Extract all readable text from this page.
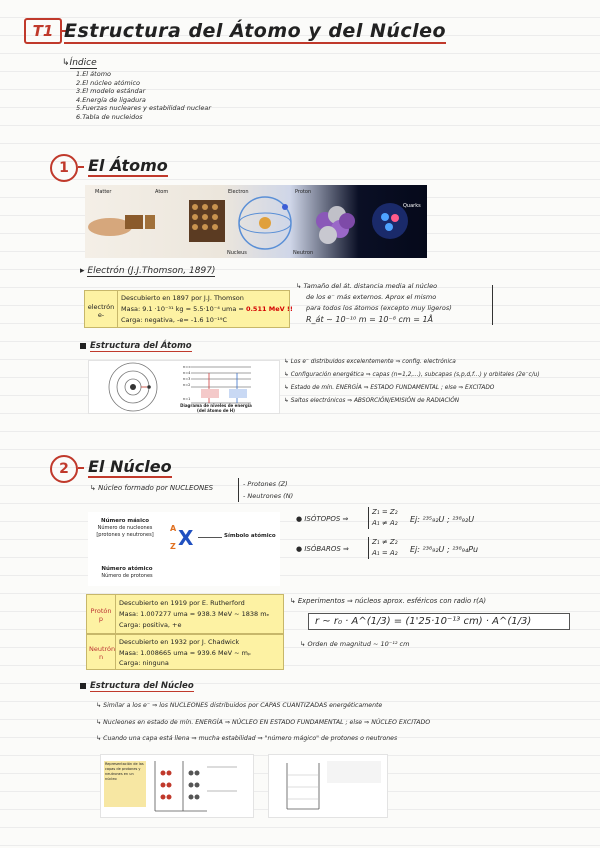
T1 Estructura del Átomo y del Núcleo
↳Índice
1.El átomo
2.El núcleo atómico
3.El modelo estándar
4.Energía de ligadura
5.Fuerzas nucleares y estabilidad nuclear
6.Tabla de nucleidos
1	El Átomo
Matter	Atom	Electron	Proton
Quarks
Nucleus	Neutron
▸ Electrón (J.J.Thomson, 1897)
electrón e-
Descubierto en 1897 por J.J. Thomson
Masa: 9.1 ·10⁻³¹ kg = 5.5·10⁻⁴ uma = 0.511 MeV !!
Carga: negativa, -e= -1.6 10⁻¹⁹C
↳ Tamaño del át. distancia media al núcleo
de los e⁻ más externos. Aprox el mismo
para todos los átomos (excepto muy ligeros)
R_át ~ 10⁻¹⁰ m = 10⁻⁸ cm = 1Å
Estructura del Átomo
n=∞
n=4
n=3
n=2
n=1
Diagrama de niveles de energía (del átomo de H)
↳ Los e⁻ distribuidos excelentemente ⇒ config. electrónica
↳ Configuración energética ⇒ capas (n=1,2,...), subcapas (s,p,d,f...) y orbitales (2e⁻c/u)
↳ Estado de mín. ENERGÍA ⇒ ESTADO FUNDAMENTAL ; else ⇒ EXCITADO
↳ Saltos electrónicos ⇒ ABSORCIÓN/EMISIÓN de RADIACIÓN
2	El Núcleo
↳ Núcleo formado por NUCLEONES	- Protones (Z)
- Neutrones (N)
Número másico
Número de nucleones
[protones y neutrones]
A
Z X	Símbolo atómico
Número atómico
Número de protones
● ISÓTOPOS ⇒
Z₁ = Z₂
A₁ ≠ A₂ Ej: ²³⁵₉₂U ; ²³⁸₉₂U
● ISÓBAROS ⇒
Z₁ ≠ Z₂
A₁ = A₂ Ej: ²³⁸₉₂U ; ²³⁸₉₄Pu
Protón p
Descubierto en 1919 por E. Rutherford
Masa: 1.007277 uma = 938.3 MeV ~ 1838 mₑ
Carga: positiva, +e
Neutrón n
Descubierto en 1932 por J. Chadwick
Masa: 1.008665 uma = 939.6 MeV ~ mₚ
Carga: ninguna
↳ Experimentos ⇒ núcleos aprox. esféricos con radio r(A)
r ~ r₀ · A^(1/3) = (1'25·10⁻¹³ cm) · A^(1/3)
↳ Orden de magnitud ~ 10⁻¹² cm
Estructura del Núcleo
↳ Similar a los e⁻ ⇒ los NUCLEONES distribuidos por CAPAS CUANTIZADAS energéticamente
↳ Nucleones en estado de mín. ENERGÍA ⇒ NÚCLEO EN ESTADO FUNDAMENTAL ; else ⇒ NÚCLEO EXCITADO
↳ Cuando una capa está llena ⇒ mucha estabilidad ⇒ "número mágico" de protones o neutrones
Representación de las capas de protones y neutrones en un núcleo
